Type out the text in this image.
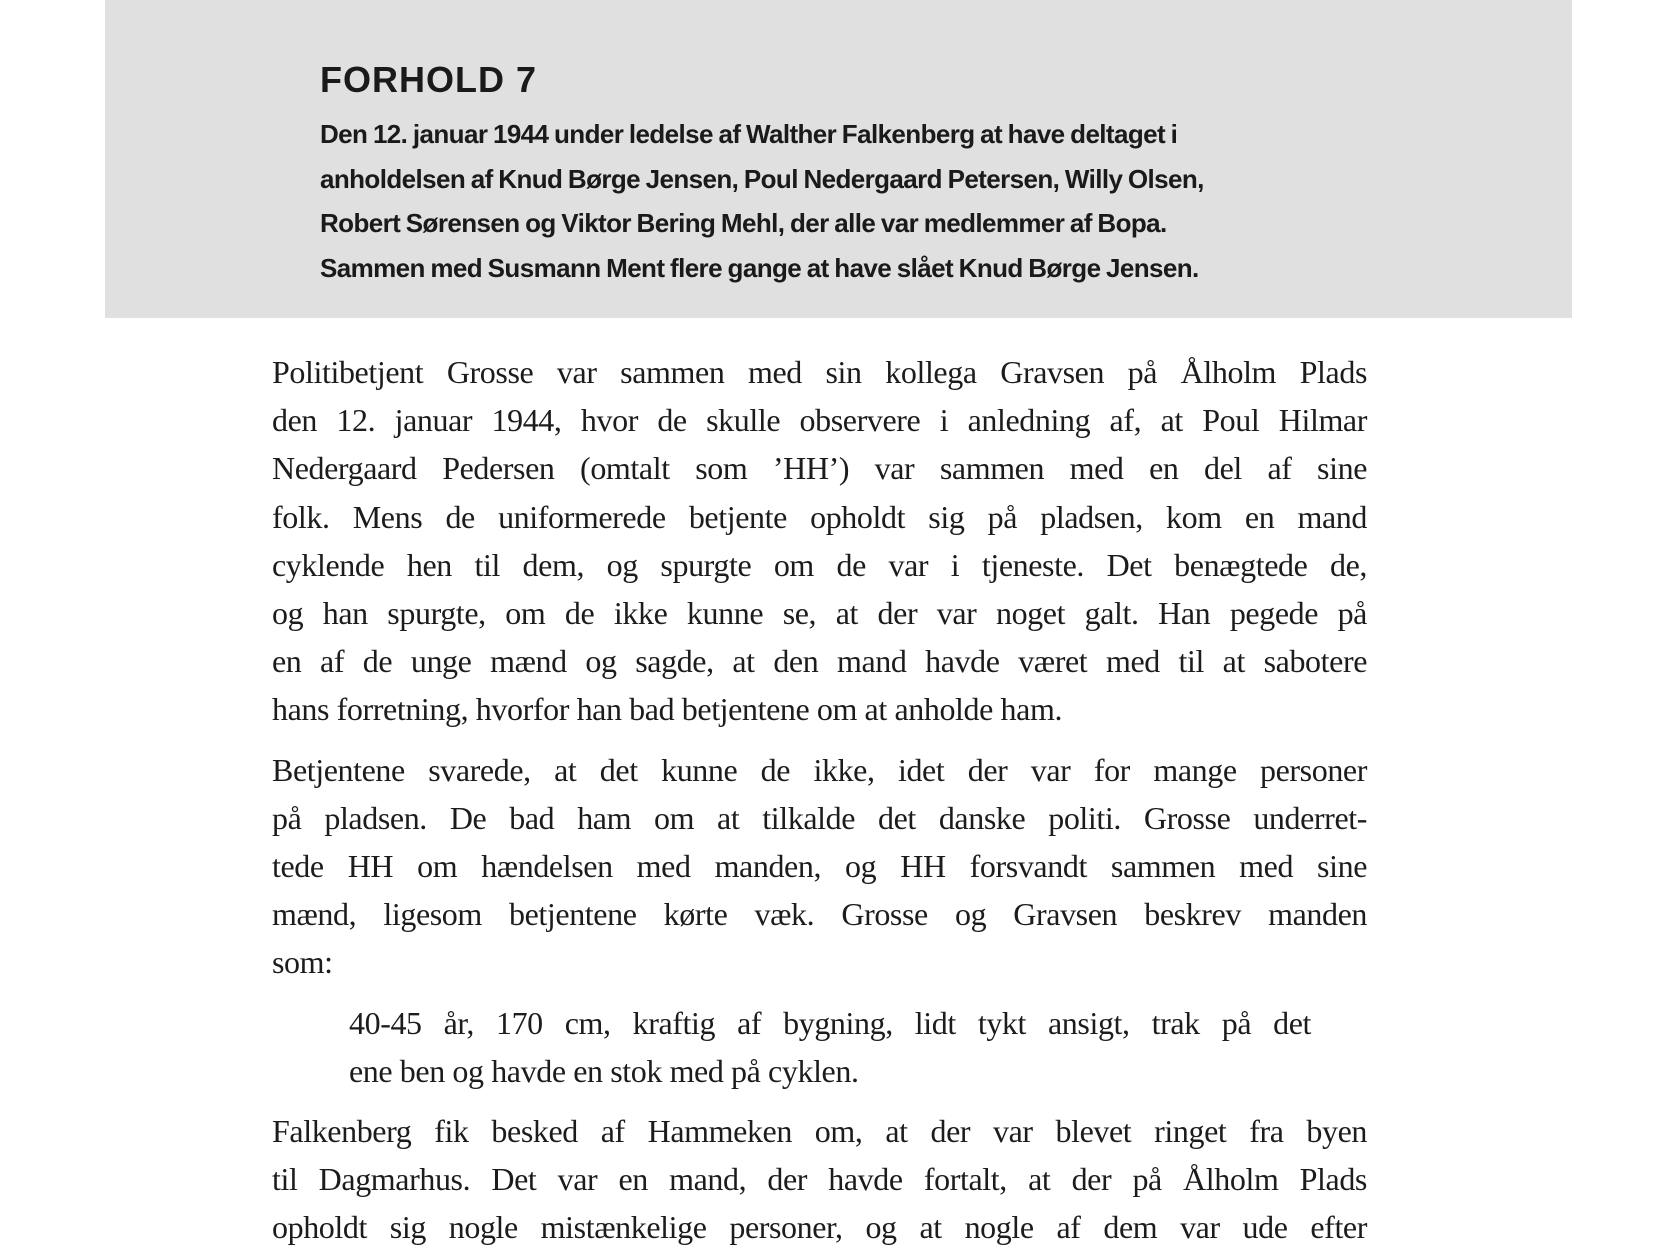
FORHOLD 7

Den 12. januar 1944 under ledelse af Walther Falkenberg at have deltaget i
anholdelsen af Knud Børge Jensen, Poul Nedergaard Petersen, Willy Olsen,
Robert Sørensen og Viktor Bering Mehl, der alle var medlemmer af Bopa.
Sammen med Susmann Ment flere gange at have slået Knud Børge Jensen.

Politibetjent Grosse var sammen med sin kollega Gravsen på Ålholm Plads
den 12. januar 1944, hvor de skulle observere i anledning af, at Poul Hilmar
Nedergaard Pedersen (omtalt som ’HH’) var sammen med en del af sine
folk. Mens de uniformerede betjente opholdt sig på pladsen, kom en mand
cyklende hen til dem, og spurgte om de var i tjeneste. Det benægtede de,
og han spurgte, om de ikke kunne se, at der var noget galt. Han pegede på
en af de unge mænd og sagde, at den mand havde været med til at sabotere
hans forretning, hvorfor han bad betjentene om at anholde ham.

Betjentene svarede, at det kunne de ikke, idet der var for mange personer
på pladsen. De bad ham om at tilkalde det danske politi. Grosse underret-
tede HH om hændelsen med manden, og HH forsvandt sammen med sine
mænd, ligesom betjentene kørte væk. Grosse og Gravsen beskrev manden
som:

40-45 år, 170 cm, kraftig af bygning, lidt tykt ansigt, trak på det
ene ben og havde en stok med på cyklen.

Falkenberg fik besked af Hammeken om, at der var blevet ringet fra byen
til Dagmarhus. Det var en mand, der havde fortalt, at der på Ålholm Plads
opholdt sig nogle mistænkelige personer, og at nogle af dem var ude efter
